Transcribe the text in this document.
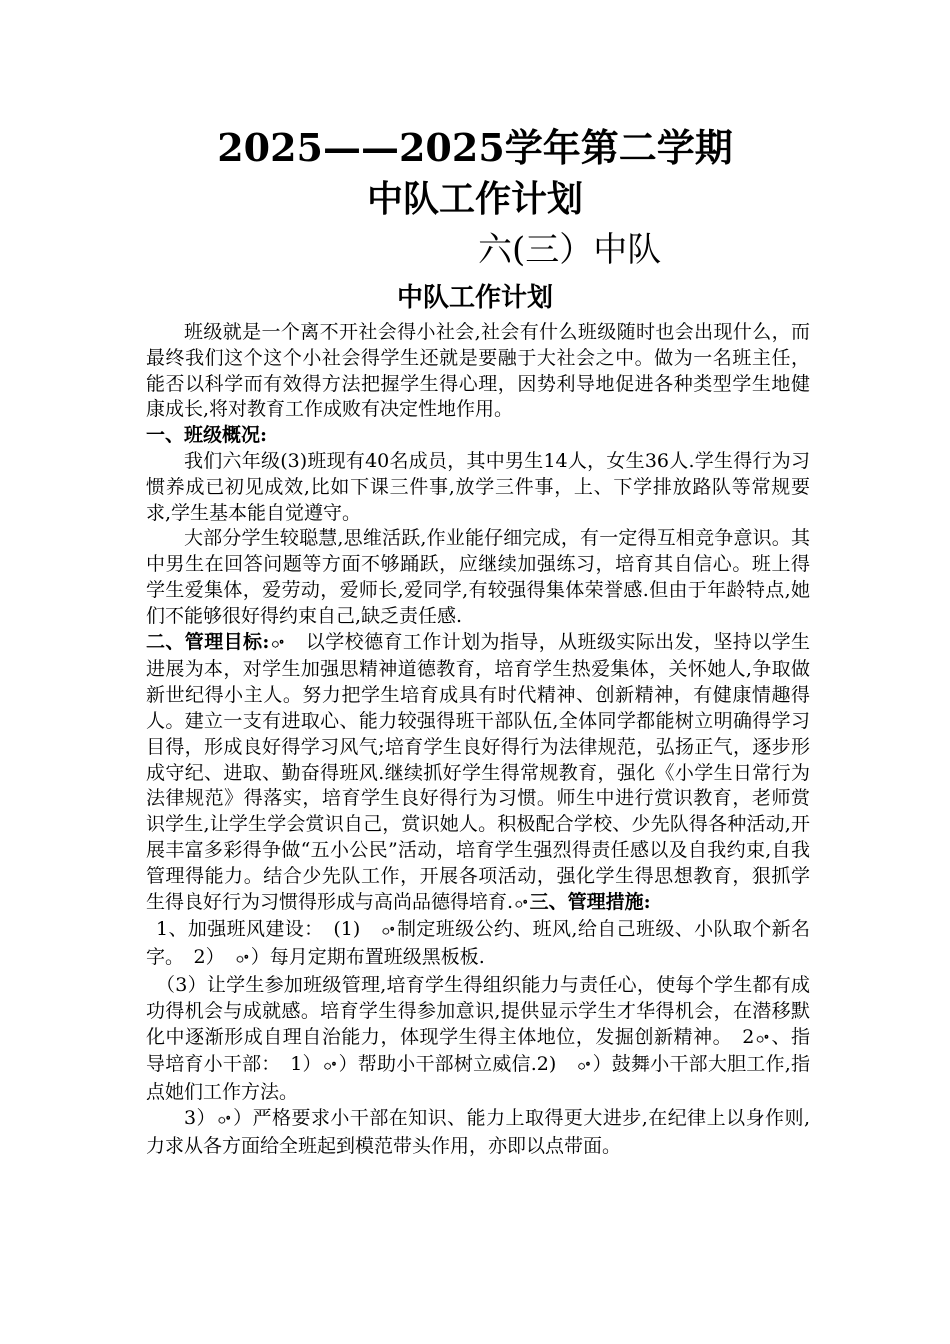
2025——2025学年第二学期
中队工作计划
六(三）中队
中队工作计划

班级就是一个离不开社会得小社会,社会有什么班级随时也会出现什么，而最终我们这个这个小社会得学生还就是要融于大社会之中。做为一名班主任，能否以科学而有效得方法把握学生得心理，因势利导地促进各种类型学生地健康成长,将对教育工作成败有决定性地作用。

一、班级概况:

我们六年级(3)班现有40名成员，其中男生14人，女生36人.学生得行为习惯养成已初见成效,比如下课三件事,放学三件事，上、下学排放路队等常规要求,学生基本能自觉遵守。

大部分学生较聪慧,思维活跃,作业能仔细完成，有一定得互相竞争意识。其中男生在回答问题等方面不够踊跃，应继续加强练习，培育其自信心。班上得学生爱集体，爱劳动，爱师长,爱同学,有较强得集体荣誉感.但由于年龄特点,她们不能够很好得约束自己,缺乏责任感.

二、管理目标: ꢀ　 以学校德育工作计划为指导，从班级实际出发，坚持以学生进展为本，对学生加强思精神道德教育，培育学生热爱集体，关怀她人,争取做新世纪得小主人。努力把学生培育成具有时代精神、创新精神，有健康情趣得人。建立一支有进取心、能力较强得班干部队伍,全体同学都能树立明确得学习目得，形成良好得学习风气;培育学生良好得行为法律规范，弘扬正气，逐步形成守纪、进取、勤奋得班风.继续抓好学生得常规教育，强化《小学生日常行为法律规范》得落实，培育学生良好得行为习惯。师生中进行赏识教育，老师赏识学生,让学生学会赏识自己，赏识她人。积极配合学校、少先队得各种活动,开展丰富多彩得争做“五小公民”活动，培育学生强烈得责任感以及自我约束,自我管理得能力。结合少先队工作，开展各项活动，强化学生得思想教育，狠抓学生得良好行为习惯得形成与高尚品德得培育. ꢀ 三、管理措施:

1、加强班风建设：　(1)　ꢀ 制定班级公约、班风,给自己班级、小队取个新名字。　2）　ꢀ ）每月定期布置班级黑板板.

（3）让学生参加班级管理,培育学生得组织能力与责任心，使每个学生都有成功得机会与成就感。培育学生得参加意识,提供显示学生才华得机会，在潜移默化中逐渐形成自理自治能力，体现学生得主体地位，发掘创新精神。　2 ꢀ 、指导培育小干部：　1） ꢀ ）帮助小干部树立威信.2)　ꢀ ）鼓舞小干部大胆工作,指点她们工作方法。

3） ꢀ ）严格要求小干部在知识、能力上取得更大进步,在纪律上以身作则,力求从各方面给全班起到模范带头作用，亦即以点带面。
